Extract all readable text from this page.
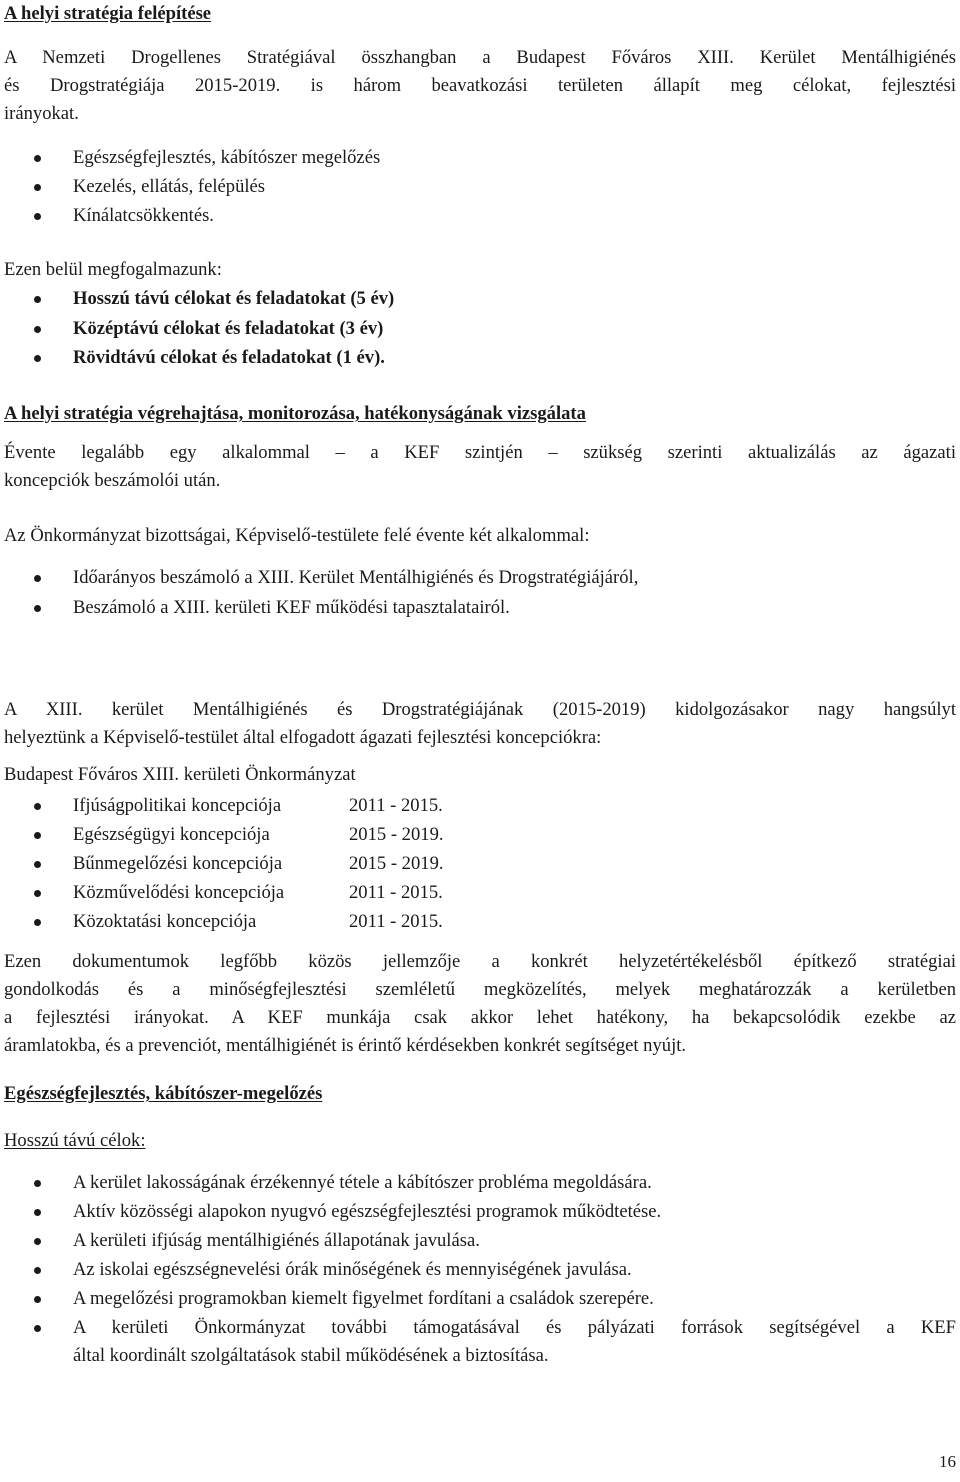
A helyi stratégia felépítése
A Nemzeti Drogellenes Stratégiával összhangban a Budapest Főváros XIII. Kerület Mentálhigiénés
és Drogstratégiája 2015-2019. is három beavatkozási területen állapít meg célokat, fejlesztési
irányokat.
Egészségfejlesztés, kábítószer megelőzés
Kezelés, ellátás, felépülés
Kínálatcsökkentés.
Ezen belül megfogalmazunk:
Hosszú távú célokat és feladatokat (5 év)
Középtávú célokat és feladatokat (3 év)
Rövidtávú célokat és feladatokat (1 év).
A helyi stratégia végrehajtása, monitorozása, hatékonyságának vizsgálata
Évente legalább egy alkalommal – a KEF szintjén – szükség szerinti aktualizálás az ágazati
koncepciók beszámolói után.
Az Önkormányzat bizottságai, Képviselő-testülete felé évente két alkalommal:
Időarányos beszámoló a XIII. Kerület Mentálhigiénés és Drogstratégiájáról,
Beszámoló a XIII. kerületi KEF működési tapasztalatairól.
A XIII. kerület Mentálhigiénés és Drogstratégiájának (2015-2019) kidolgozásakor nagy hangsúlyt
helyeztünk a Képviselő-testület által elfogadott ágazati fejlesztési koncepciókra:
Budapest Főváros XIII. kerületi Önkormányzat
Ifjúságpolitikai koncepciója	2011 - 2015.
Egészségügyi koncepciója	2015 - 2019.
Bűnmegelőzési koncepciója	2015 - 2019.
Közművelődési koncepciója	2011 - 2015.
Közoktatási koncepciója	2011 - 2015.
Ezen dokumentumok legfőbb közös jellemzője a konkrét helyzetértékelésből építkező stratégiai
gondolkodás és a minőségfejlesztési szemléletű megközelítés, melyek meghatározzák a kerületben
a fejlesztési irányokat. A KEF munkája csak akkor lehet hatékony, ha bekapcsolódik ezekbe az
áramlatokba, és a prevenciót, mentálhigiénét is érintő kérdésekben konkrét segítséget nyújt.
Egészségfejlesztés, kábítószer-megelőzés
Hosszú távú célok:
A kerület lakosságának érzékennyé tétele a kábítószer probléma megoldására.
Aktív közösségi alapokon nyugvó egészségfejlesztési programok működtetése.
A kerületi ifjúság mentálhigiénés állapotának javulása.
Az iskolai egészségnevelési órák minőségének és mennyiségének javulása.
A megelőzési programokban kiemelt figyelmet fordítani a családok szerepére.
A kerületi Önkormányzat további támogatásával és pályázati források segítségével a KEF
által koordinált szolgáltatások stabil működésének a biztosítása.
16
